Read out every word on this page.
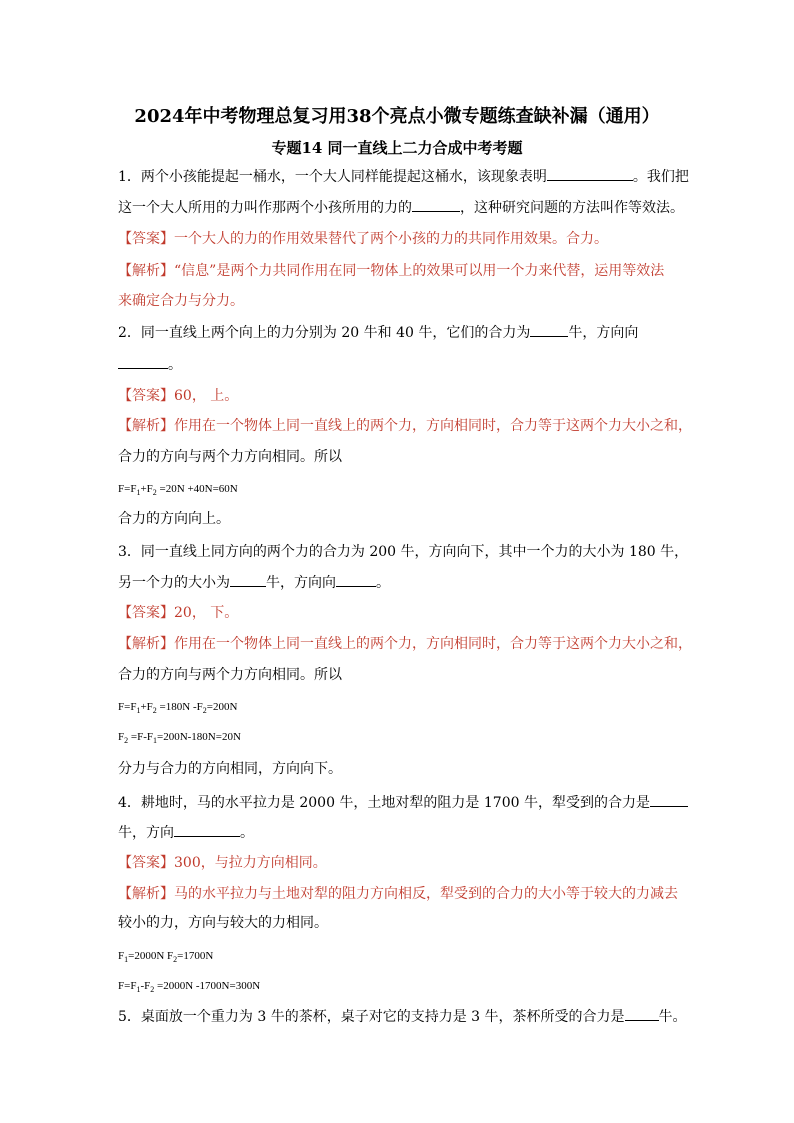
2024年中考物理总复习用38个亮点小微专题练查缺补漏（通用）
专题14 同一直线上二力合成中考考题
1．两个小孩能提起一桶水，一个大人同样能提起这桶水，该现象表明	。我们把
这一个大人所用的力叫作那两个小孩所用的力的	，这种研究问题的方法叫作等效法。
【答案】一个大人的力的作用效果替代了两个小孩的力的共同作用效果。合力。
【解析】“信息”是两个力共同作用在同一物体上的效果可以用一个力来代替，运用等效法
来确定合力与分力。
2．同一直线上两个向上的力分别为 20 牛和 40 牛，它们的合力为	牛，方向向
。
【答案】60， 上。
【解析】作用在一个物体上同一直线上的两个力，方向相同时，合力等于这两个力大小之和，
合力的方向与两个力方向相同。所以
$F=F_1+F_2 =20N +40N=60N$
合力的方向向上。
3．同一直线上同方向的两个力的合力为 200 牛，方向向下，其中一个力的大小为 180 牛，
另一个力的大小为	牛，方向向	。
【答案】20， 下。
【解析】作用在一个物体上同一直线上的两个力，方向相同时，合力等于这两个力大小之和，
合力的方向与两个力方向相同。所以
$F=F_1+F_2 =180N$ $-F_2=200N$
$F_2 =F-F_1=200N-180N=20N$
分力与合力的方向相同，方向向下。
4．耕地时，马的水平拉力是 2000 牛，土地对犁的阻力是 1700 牛，犁受到的合力是
牛，方向	。
【答案】300，与拉力方向相同。
【解析】马的水平拉力与土地对犁的阻力方向相反，犁受到的合力的大小等于较大的力减去
较小的力，方向与较大的力相同。
$F_1=2000N$ $F_2=1700N$
$F=F_1-F_2 =2000N$ -1700N=300N
5．桌面放一个重力为 3 牛的茶杯，桌子对它的支持力是 3 牛，茶杯所受的合力是 牛。
